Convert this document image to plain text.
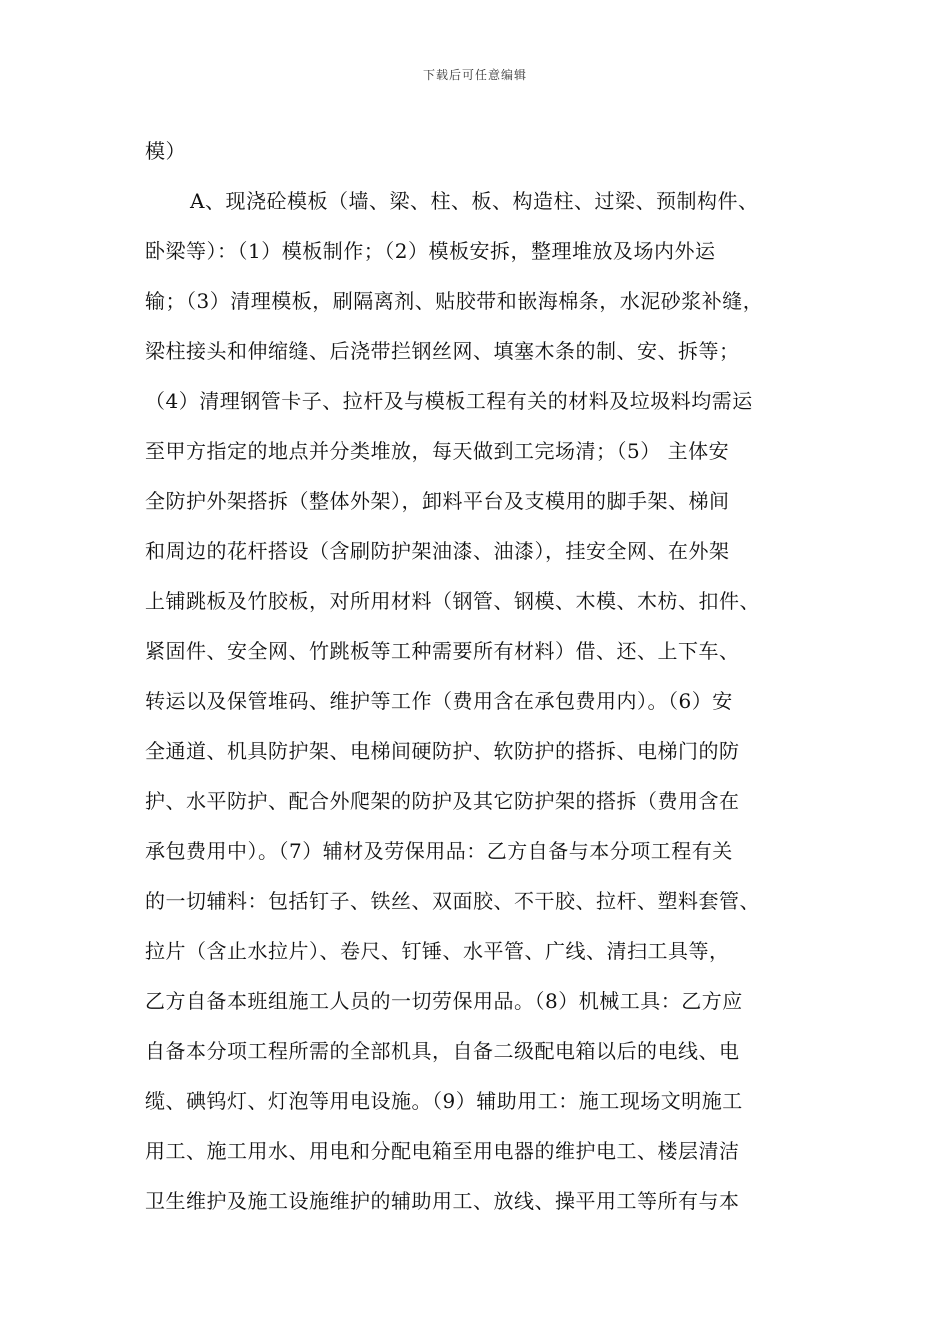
下载后可任意编辑
模）
A、现浇砼模板（墙、梁、柱、板、构造柱、过梁、预制构件、
卧梁等）：（1）模板制作；（2）模板安拆，整理堆放及场内外运
输；（3）清理模板，刷隔离剂、贴胶带和嵌海棉条，水泥砂浆补缝，
梁柱接头和伸缩缝、后浇带拦钢丝网、填塞木条的制、安、拆等；
（4）清理钢管卡子、拉杆及与模板工程有关的材料及垃圾料均需运
至甲方指定的地点并分类堆放，每天做到工完场清；（5） 主体安
全防护外架搭拆（整体外架），卸料平台及支模用的脚手架、梯间
和周边的花杆搭设（含刷防护架油漆、油漆），挂安全网、在外架
上铺跳板及竹胶板，对所用材料（钢管、钢模、木模、木枋、扣件、
紧固件、安全网、竹跳板等工种需要所有材料）借、还、上下车、
转运以及保管堆码、维护等工作（费用含在承包费用内）。（6）安
全通道、机具防护架、电梯间硬防护、软防护的搭拆、电梯门的防
护、水平防护、配合外爬架的防护及其它防护架的搭拆（费用含在
承包费用中）。（7）辅材及劳保用品：乙方自备与本分项工程有关
的一切辅料：包括钉子、铁丝、双面胶、不干胶、拉杆、塑料套管、
拉片（含止水拉片）、卷尺、钉锤、水平管、广线、清扫工具等，
乙方自备本班组施工人员的一切劳保用品。（8）机械工具：乙方应
自备本分项工程所需的全部机具，自备二级配电箱以后的电线、电
缆、碘钨灯、灯泡等用电设施。（9）辅助用工：施工现场文明施工
用工、施工用水、用电和分配电箱至用电器的维护电工、楼层清洁
卫生维护及施工设施维护的辅助用工、放线、操平用工等所有与本
